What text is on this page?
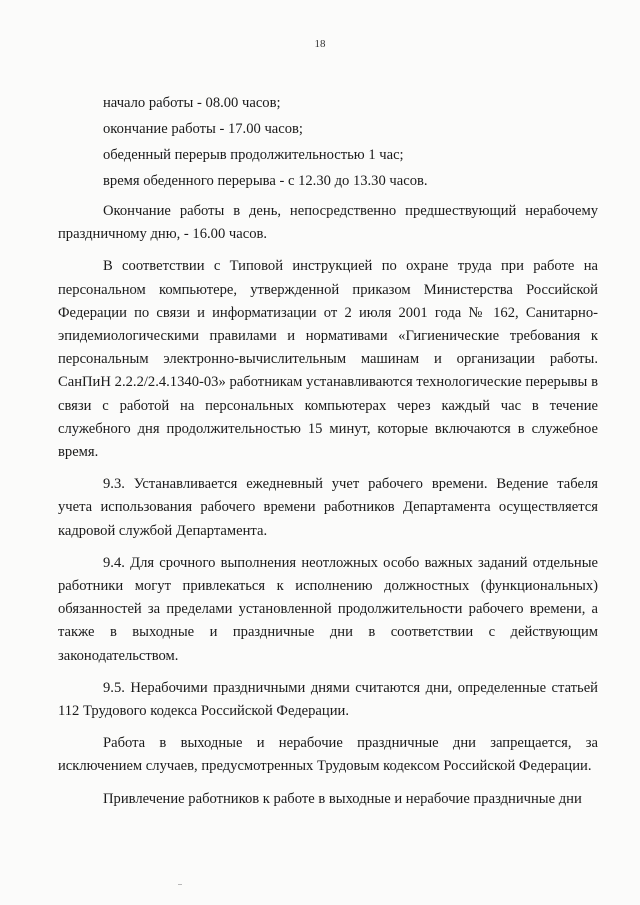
18

начало работы - 08.00 часов;

окончание работы - 17.00 часов;

обеденный перерыв продолжительностью 1 час;

время обеденного перерыва - с 12.30 до 13.30 часов.

Окончание работы в день, непосредственно предшествующий нерабочему праздничному дню, - 16.00 часов.

В соответствии с Типовой инструкцией по охране труда при работе на персональном компьютере, утвержденной приказом Министерства Российской Федерации по связи и информатизации от 2 июля 2001 года № 162, Санитарно-эпидемиологическими правилами и нормативами «Гигиенические требования к персональным электронно-вычислительным машинам и организации работы. СанПиН 2.2.2/2.4.1340-03» работникам устанавливаются технологические перерывы в связи с работой на персональных компьютерах через каждый час в течение служебного дня продолжительностью 15 минут, которые включаются в служебное время.

9.3. Устанавливается ежедневный учет рабочего времени. Ведение табеля учета использования рабочего времени работников Департамента осуществляется кадровой службой Департамента.

9.4. Для срочного выполнения неотложных особо важных заданий отдельные работники могут привлекаться к исполнению должностных (функциональных) обязанностей за пределами установленной продолжительности рабочего времени, а также в выходные и праздничные дни в соответствии с действующим законодательством.

9.5. Нерабочими праздничными днями считаются дни, определенные статьей 112 Трудового кодекса Российской Федерации.

Работа в выходные и нерабочие праздничные дни запрещается, за исключением случаев, предусмотренных Трудовым кодексом Российской Федерации.

Привлечение работников к работе в выходные и нерабочие праздничные дни
